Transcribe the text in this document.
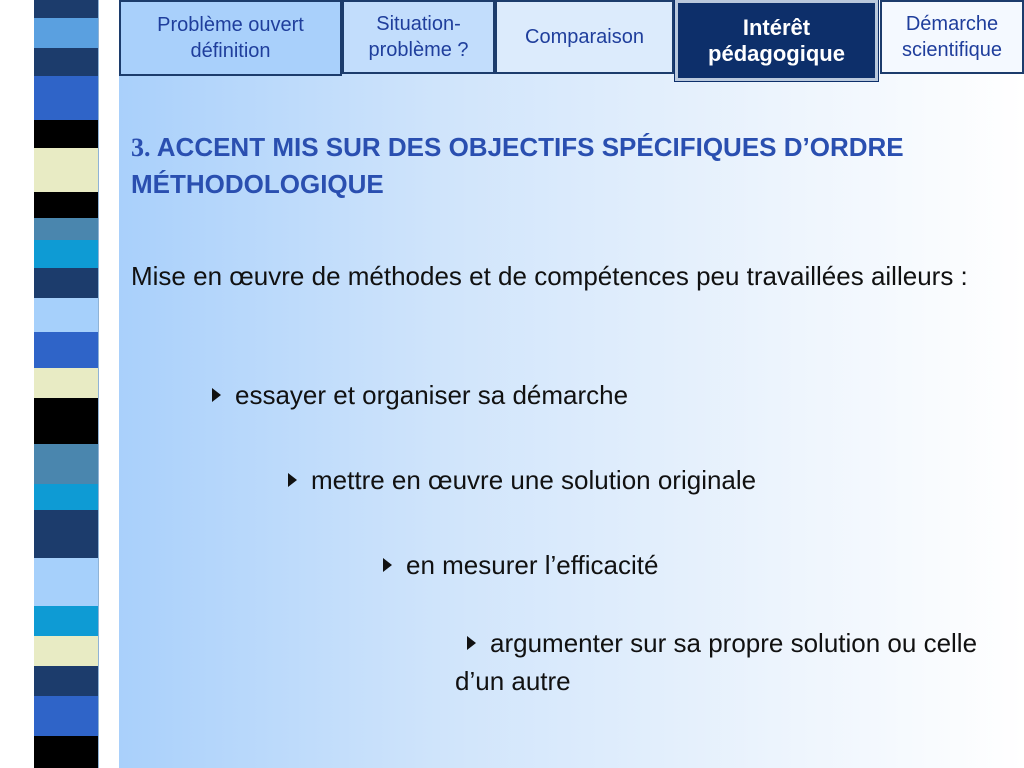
Problème ouvert
définition
Situation-
problème ?
Comparaison	Intérêt
pédagogique
Démarche
scientifique
3. ACCENT MIS SUR DES OBJECTIFS SPÉCIFIQUES D’ORDRE MÉTHODOLOGIQUE
Mise en œuvre de méthodes et de compétences peu travaillées ailleurs :
essayer et organiser sa démarche
mettre en œuvre une solution originale
en mesurer l’efficacité
argumenter sur sa propre solution ou celle d’un autre
